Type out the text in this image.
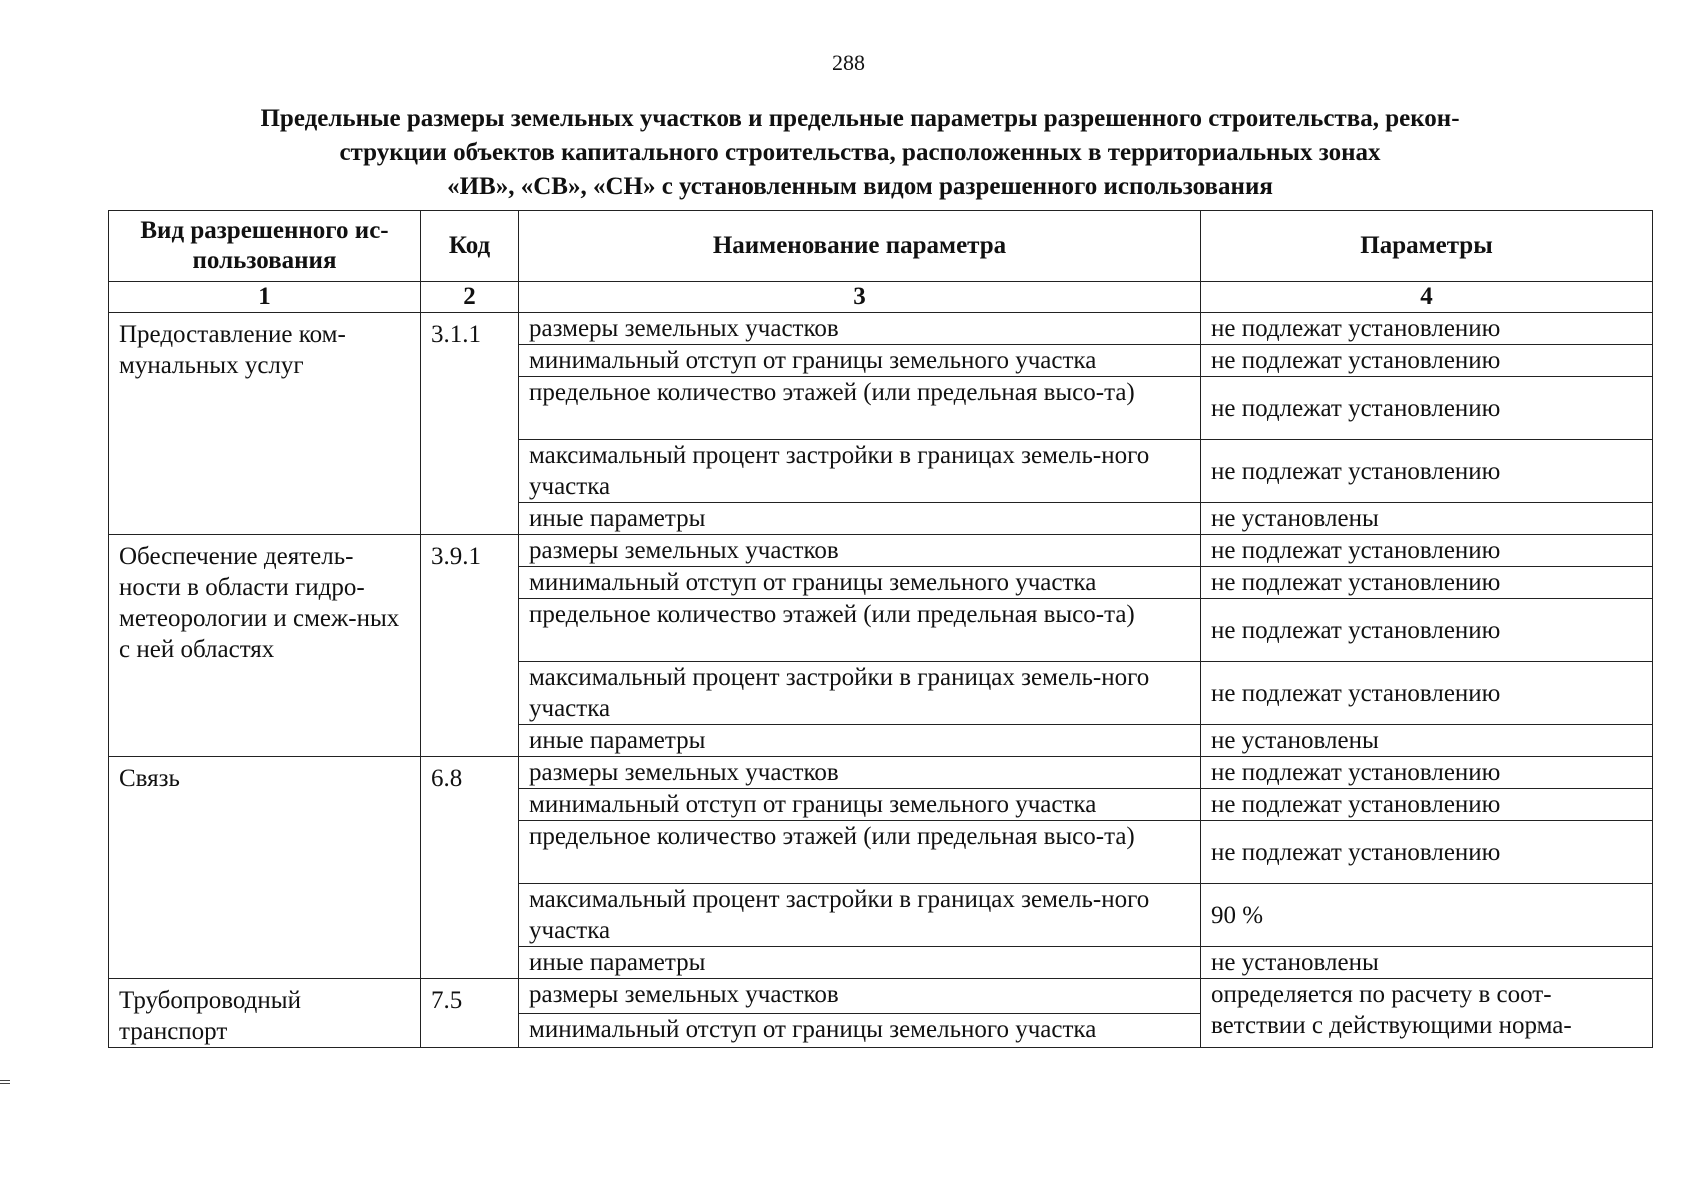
288
Предельные размеры земельных участков и предельные параметры разрешенного строительства, рекон-
струкции объектов капитального строительства, расположенных в территориальных зонах
«ИВ», «СВ», «СН» с установленным видом разрешенного использования
Вид разрешенного ис-пользования	Код	Наименование параметра	Параметры
1	2	3	4
Предоставление ком-мунальных услуг	3.1.1	размеры земельных участков	не подлежат установлению
		минимальный отступ от границы земельного участка	не подлежат установлению
		предельное количество этажей (или предельная высо-та)	не подлежат установлению
		максимальный процент застройки в границах земель-ного участка	не подлежат установлению
		иные параметры	не установлены
Обеспечение деятель-ности в области гидро-метеорологии и смеж-ных с ней областях	3.9.1	размеры земельных участков	не подлежат установлению
		минимальный отступ от границы земельного участка	не подлежат установлению
		предельное количество этажей (или предельная высо-та)	не подлежат установлению
		максимальный процент застройки в границах земель-ного участка	не подлежат установлению
		иные параметры	не установлены
Связь	6.8	размеры земельных участков	не подлежат установлению
		минимальный отступ от границы земельного участка	не подлежат установлению
		предельное количество этажей (или предельная высо-та)	не подлежат установлению
		максимальный процент застройки в границах земель-ного участка	90 %
		иные параметры	не установлены
Трубопроводный транспорт	7.5	размеры земельных участков	определяется по расчету в соот-ветствии с действующими норма-
		минимальный отступ от границы земельного участка	
